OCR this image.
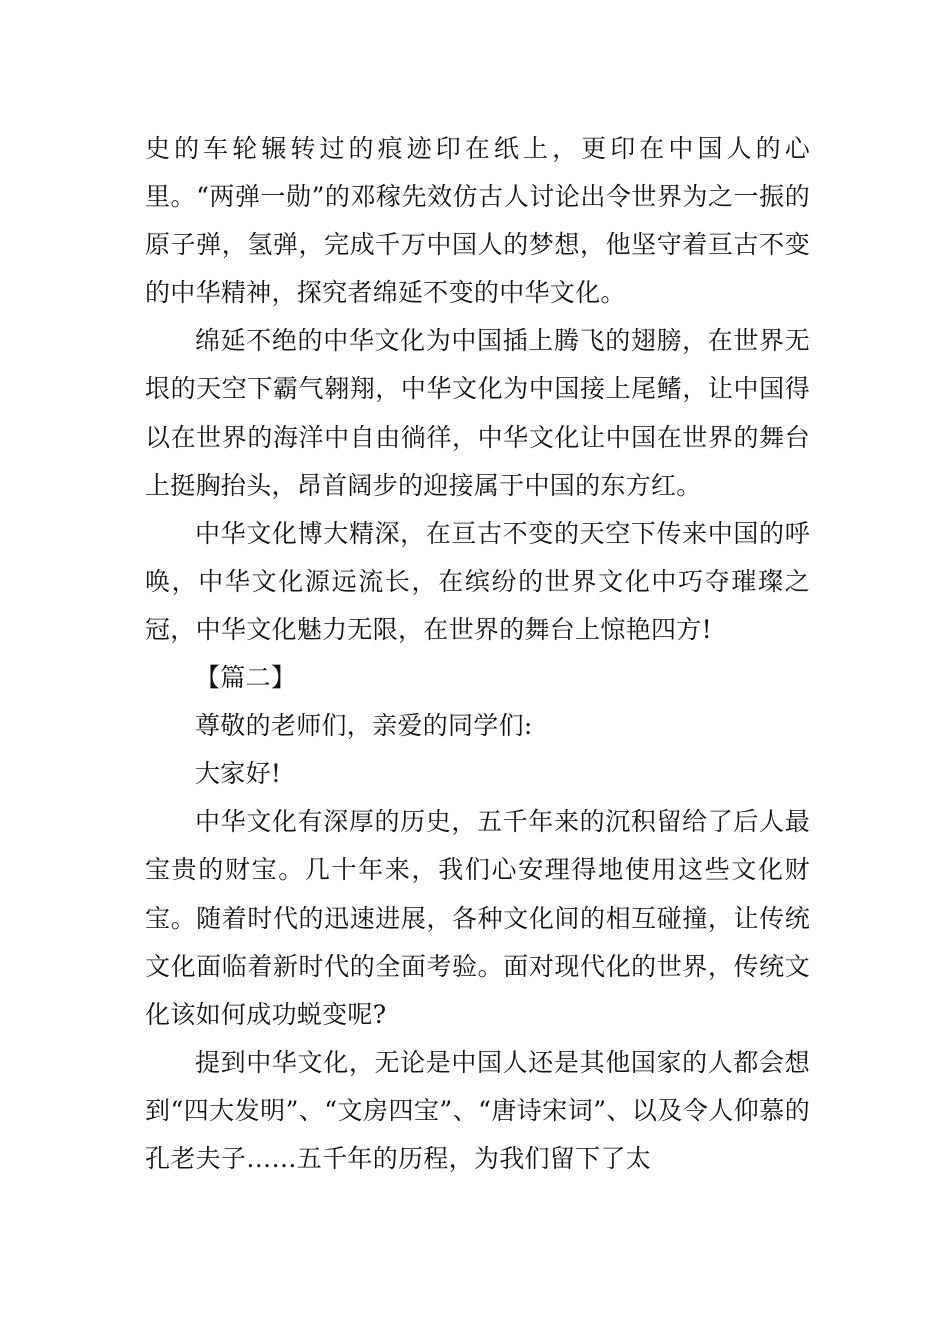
史的车轮辗转过的痕迹印在纸上，更印在中国人的心里。“两弹一勋”的邓稼先效仿古人讨论出令世界为之一振的原子弹，氢弹，完成千万中国人的梦想，他坚守着亘古不变的中华精神，探究者绵延不变的中华文化。

绵延不绝的中华文化为中国插上腾飞的翅膀，在世界无垠的天空下霸气翱翔，中华文化为中国接上尾鳍，让中国得以在世界的海洋中自由徜徉，中华文化让中国在世界的舞台上挺胸抬头，昂首阔步的迎接属于中国的东方红。

中华文化博大精深，在亘古不变的天空下传来中国的呼唤，中华文化源远流长，在缤纷的世界文化中巧夺璀璨之冠，中华文化魅力无限，在世界的舞台上惊艳四方!

【篇二】

尊敬的老师们，亲爱的同学们:

大家好!

中华文化有深厚的历史，五千年来的沉积留给了后人最宝贵的财宝。几十年来，我们心安理得地使用这些文化财宝。随着时代的迅速进展，各种文化间的相互碰撞，让传统文化面临着新时代的全面考验。面对现代化的世界，传统文化该如何成功蜕变呢?

提到中华文化，无论是中国人还是其他国家的人都会想到“四大发明”、“文房四宝”、“唐诗宋词”、以及令人仰慕的孔老夫子……五千年的历程，为我们留下了太
